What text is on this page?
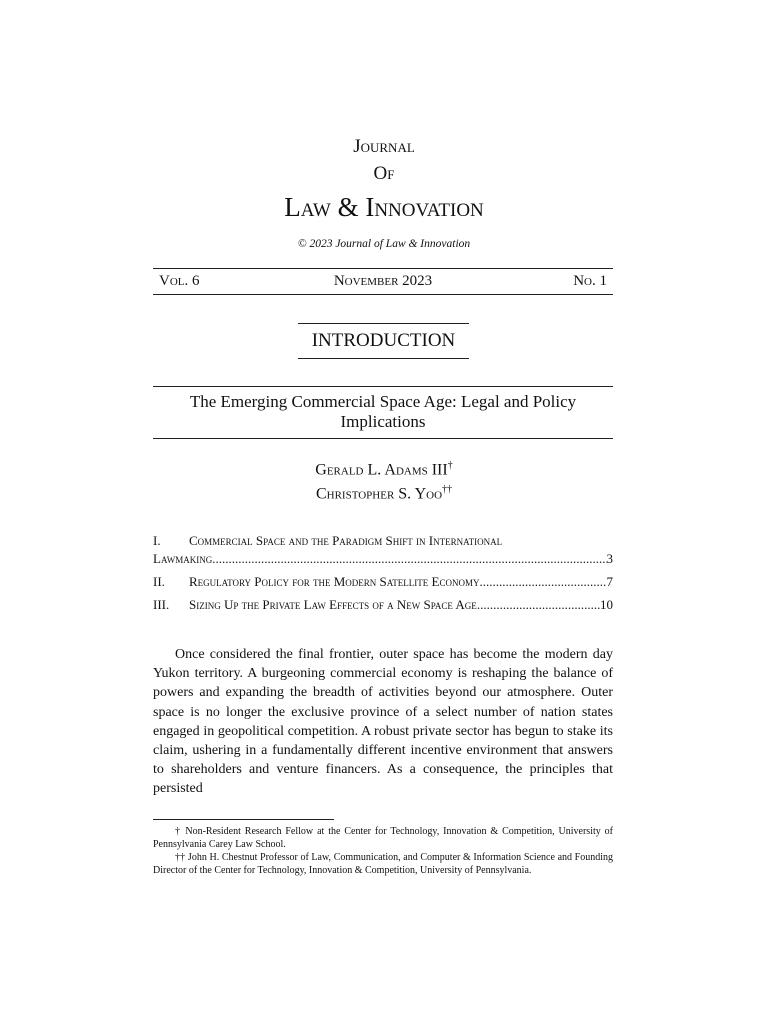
Journal
Of
Law & Innovation
© 2023 Journal of Law & Innovation
Vol. 6	November 2023	No. 1
INTRODUCTION
The Emerging Commercial Space Age: Legal and Policy Implications
Gerald L. Adams III†
Christopher S. Yoo††
I. Commercial Space and the Paradigm Shift in International
Lawmaking .....	3
II. Regulatory Policy for the Modern Satellite Economy .....	7
III. Sizing Up the Private Law Effects of a New Space Age .....	10

Once considered the final frontier, outer space has become the modern day Yukon territory. A burgeoning commercial economy is reshaping the balance of powers and expanding the breadth of activities beyond our atmosphere. Outer space is no longer the exclusive province of a select number of nation states engaged in geopolitical competition. A robust private sector has begun to stake its claim, ushering in a fundamentally different incentive environment that answers to shareholders and venture financers. As a consequence, the principles that persisted

† Non-Resident Research Fellow at the Center for Technology, Innovation & Competition, University of Pennsylvania Carey Law School.

†† John H. Chestnut Professor of Law, Communication, and Computer & Information Science and Founding Director of the Center for Technology, Innovation & Competition, University of Pennsylvania.
